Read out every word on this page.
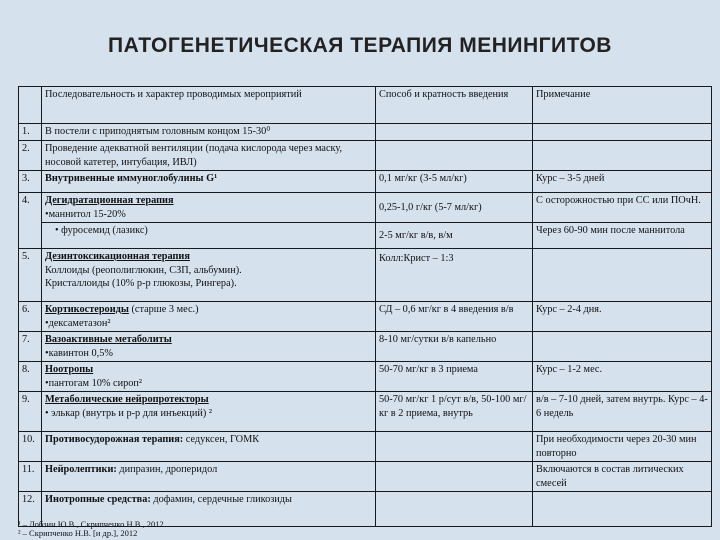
ПАТОГЕНЕТИЧЕСКАЯ ТЕРАПИЯ МЕНИНГИТОВ
	Последовательность и характер проводимых мероприятий	Способ и кратность введения	Примечание
1.	В постели с приподнятым головным концом 15-30⁰		
2.	Проведение адекватной вентиляции (подача кислорода через маску, носовой катетер, интубация, ИВЛ)		
3.	Внутривенные иммуноглобулины G¹	0,1 мг/кг (3-5 мл/кг)	Курс – 3-5 дней
4.	Дегидратационная терапия
•маннитол 15-20%	0,25-1,0 г/кг (5-7 мл/кг)	С осторожностью при СС или ПОчН.

	• фуросемид (лазикс)	2-5 мг/кг в/в, в/м	Через 60-90 мин после маннитола
5.	Дезинтоксикационная терапия
Коллоиды (реополиглюкин, СЗП, альбумин).
Кристаллоиды (10% р-р глюкозы, Рингера).	Колл:Крист – 1:3	
6.	Кортикостероиды (старше 3 мес.)
•дексаметазон²	СД – 0,6 мг/кг в 4 введения в/в	Курс – 2-4 дня.
7.	Вазоактивные метаболиты
•кавинтон 0,5%	8-10 мг/сутки в/в капельно	
8.	Ноотропы
•пантогам 10% сироп²	50-70 мг/кг в 3 приема	Курс – 1-2 мес.
9.	Метаболические нейропротекторы
• элькар (внутрь и р-р для инъекций) ²	50-70 мг/кг 1 р/сут в/в, 50-100 мг/кг в 2 приема, внутрь	в/в – 7-10 дней, затем внутрь. Курс – 4-6 недель
10.	Противосудорожная терапия: седуксен, ГОМК		При необходимости через 20-30 мин повторно
11.	Нейролептики: дипразин, дроперидол		Включаются в состав литических смесей
12.	Инотропные средства: дофамин, сердечные гликозиды		
¹ – Лобзин Ю.В., Скрипченко Н.В., 2012
² – Скрипченко Н.В. [и др.], 2012
